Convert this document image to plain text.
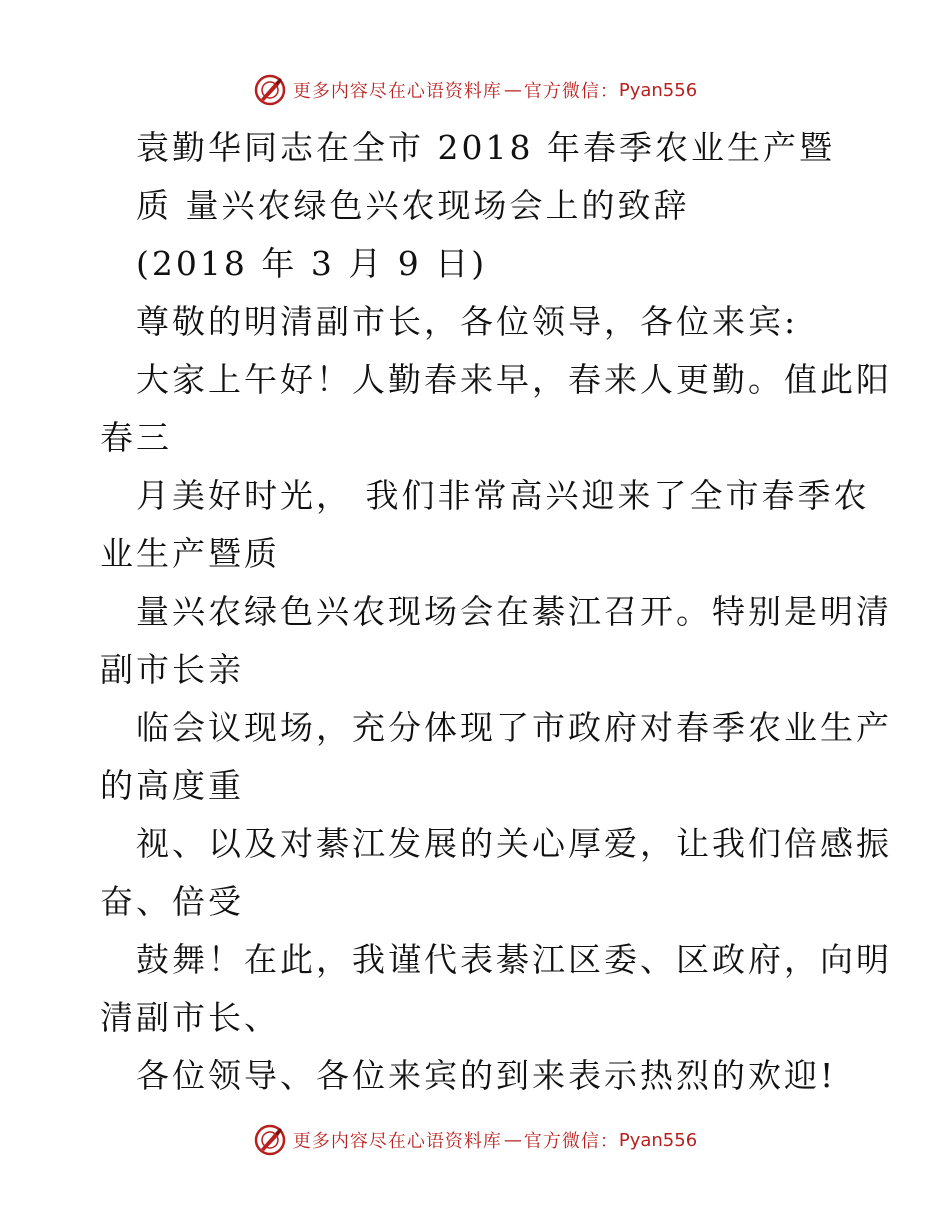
更多内容尽在心语资料库 — 官方微信： Pyan556
袁勤华同志在全市 2018 年春季农业生产暨
质 量兴农绿色兴农现场会上的致辞
(2018 年 3 月 9 日)
尊敬的明清副市长，各位领导，各位来宾:
大家上午好！人勤春来早，春来人更勤。值此阳
春三
月美好时光， 我们非常高兴迎来了全市春季农
业生产暨质
量兴农绿色兴农现场会在綦江召开。特别是明清
副市长亲
临会议现场，充分体现了市政府对春季农业生产
的高度重
视、以及对綦江发展的关心厚爱，让我们倍感振
奋、倍受
鼓舞！在此，我谨代表綦江区委、区政府，向明
清副市长、
各位领导、各位来宾的到来表示热烈的欢迎!
更多内容尽在心语资料库 — 官方微信： Pyan556
